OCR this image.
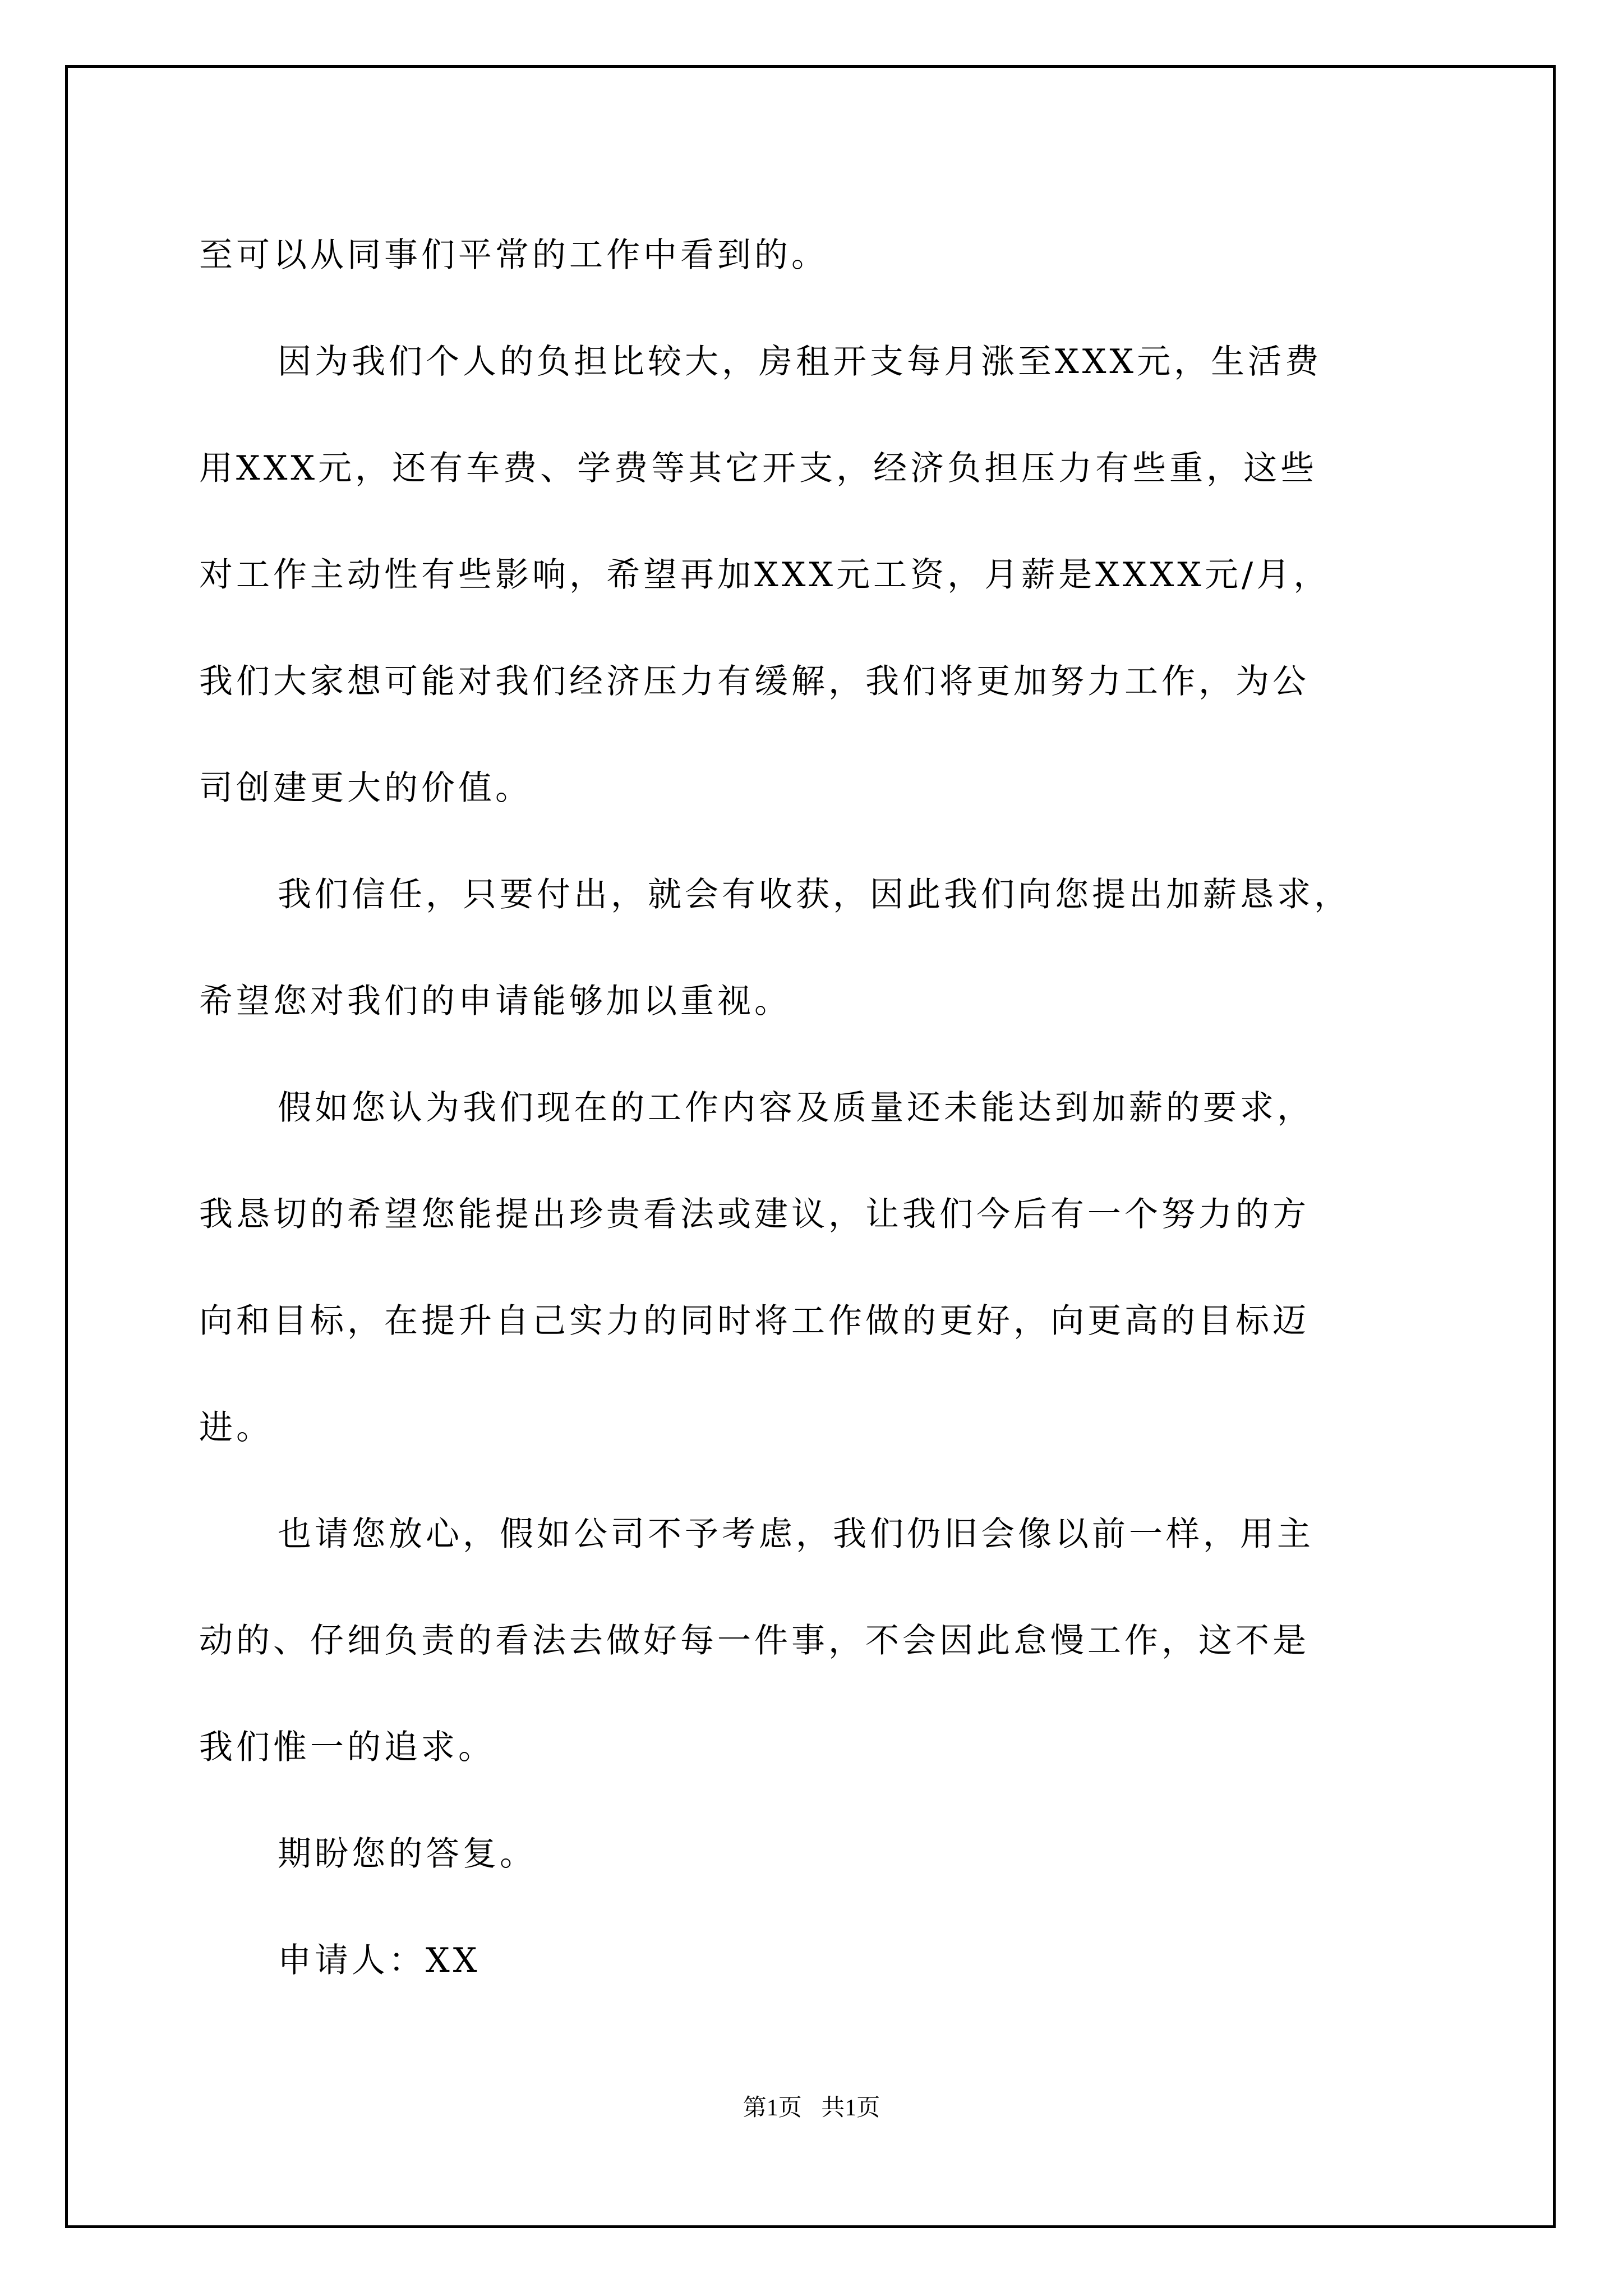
至可以从同事们平常的工作中看到的。
因为我们个人的负担比较大，房租开支每月涨至XXX元，生活费
用XXX元，还有车费、学费等其它开支，经济负担压力有些重，这些
对工作主动性有些影响，希望再加XXX元工资，月薪是XXXX元/月，
我们大家想可能对我们经济压力有缓解，我们将更加努力工作，为公
司创建更大的价值。
我们信任，只要付出，就会有收获，因此我们向您提出加薪恳求，
希望您对我们的申请能够加以重视。
假如您认为我们现在的工作内容及质量还未能达到加薪的要求，
我恳切的希望您能提出珍贵看法或建议，让我们今后有一个努力的方
向和目标，在提升自己实力的同时将工作做的更好，向更高的目标迈
进。
也请您放心，假如公司不予考虑，我们仍旧会像以前一样，用主
动的、仔细负责的看法去做好每一件事，不会因此怠慢工作，这不是
我们惟一的追求。
期盼您的答复。
申请人：XX
第1页 共1页
